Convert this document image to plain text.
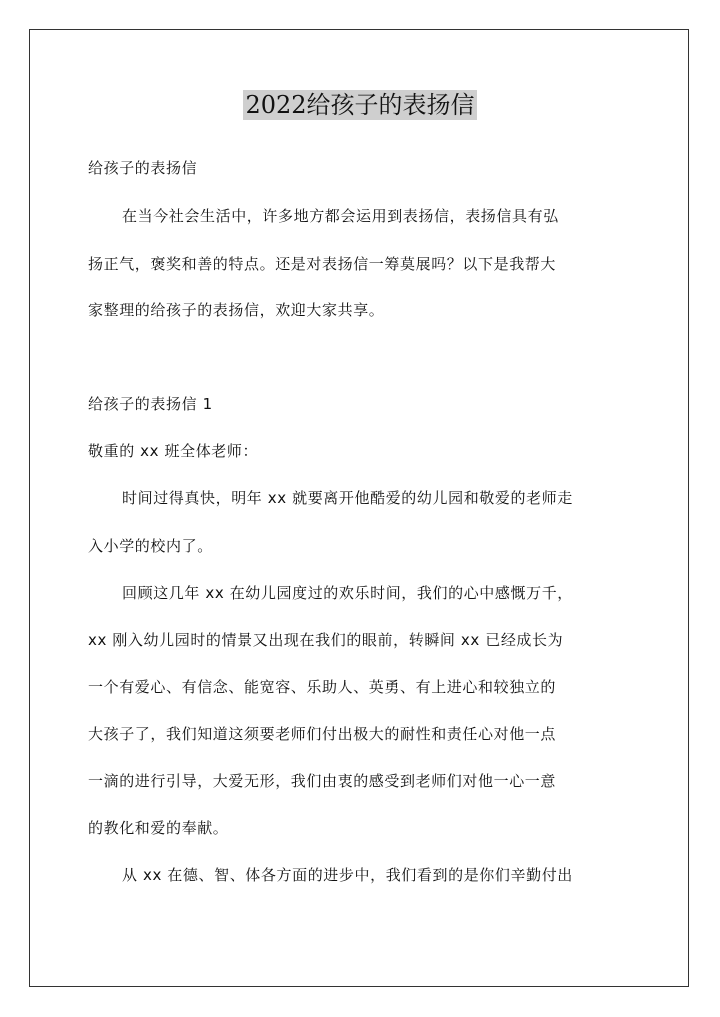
2022给孩子的表扬信
给孩子的表扬信
在当今社会生活中，许多地方都会运用到表扬信，表扬信具有弘
扬正气，褒奖和善的特点。还是对表扬信一筹莫展吗？以下是我帮大
家整理的给孩子的表扬信，欢迎大家共享。
给孩子的表扬信 1
敬重的 xx 班全体老师：
时间过得真快，明年 xx 就要离开他酷爱的幼儿园和敬爱的老师走
入小学的校内了。
回顾这几年 xx 在幼儿园度过的欢乐时间，我们的心中感慨万千，
xx 刚入幼儿园时的情景又出现在我们的眼前，转瞬间 xx 已经成长为
一个有爱心、有信念、能宽容、乐助人、英勇、有上进心和较独立的
大孩子了，我们知道这须要老师们付出极大的耐性和责任心对他一点
一滴的进行引导，大爱无形，我们由衷的感受到老师们对他一心一意
的教化和爱的奉献。
从 xx 在德、智、体各方面的进步中，我们看到的是你们辛勤付出
